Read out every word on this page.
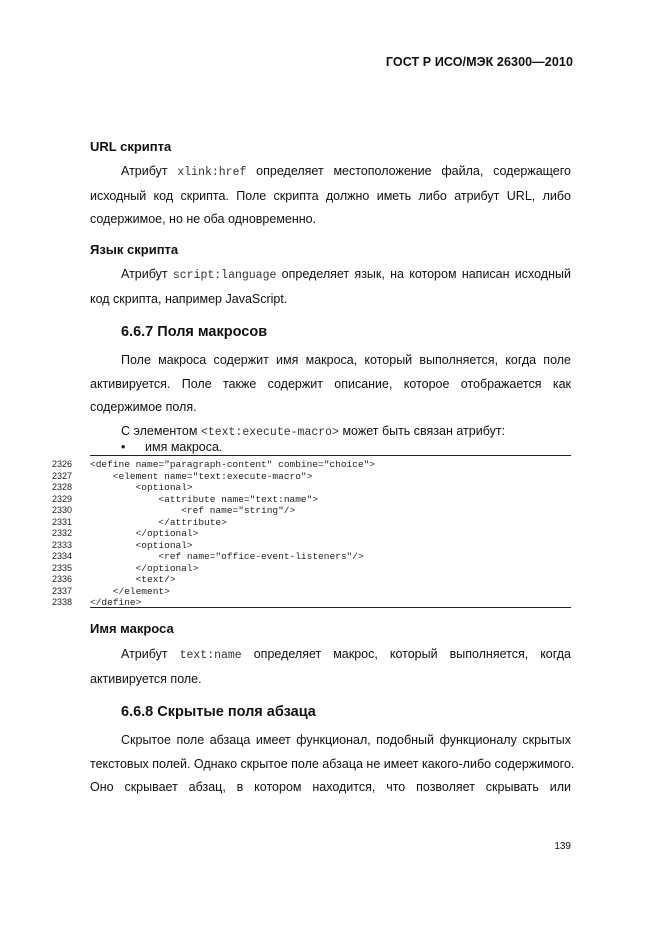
ГОСТ Р ИСО/МЭК 26300—2010
URL скрипта
Атрибут xlink:href определяет местоположение файла, содержащего
исходный код скрипта. Поле скрипта должно иметь либо атрибут URL, либо
содержимое, но не оба одновременно.
Язык скрипта
Атрибут script:language определяет язык, на котором написан исходный
код скрипта, например JavaScript.
6.6.7 Поля макросов
Поле макроса содержит имя макроса, который выполняется, когда поле
активируется. Поле также содержит описание, которое отображается как
содержимое поля.
С элементом <text:execute-macro> может быть связан атрибут:
• имя макроса.
2326 <define name="paragraph-content" combine="choice">
2327 <element name="text:execute-macro">
2328 <optional>
2329 <attribute name="text:name">
2330 <ref name="string"/>
2331 </attribute>
2332 </optional>
2333 <optional>
2334 <ref name="office-event-listeners"/>
2335 </optional>
2336 <text/>
2337 </element>
2338 </define>
Имя макроса
Атрибут text:name определяет макрос, который выполняется, когда
активируется поле.
6.6.8 Скрытые поля абзаца
Скрытое поле абзаца имеет функционал, подобный функционалу скрытых
текстовых полей. Однако скрытое поле абзаца не имеет какого-либо содержимого.
Оно скрывает абзац, в котором находится, что позволяет скрывать или
139
